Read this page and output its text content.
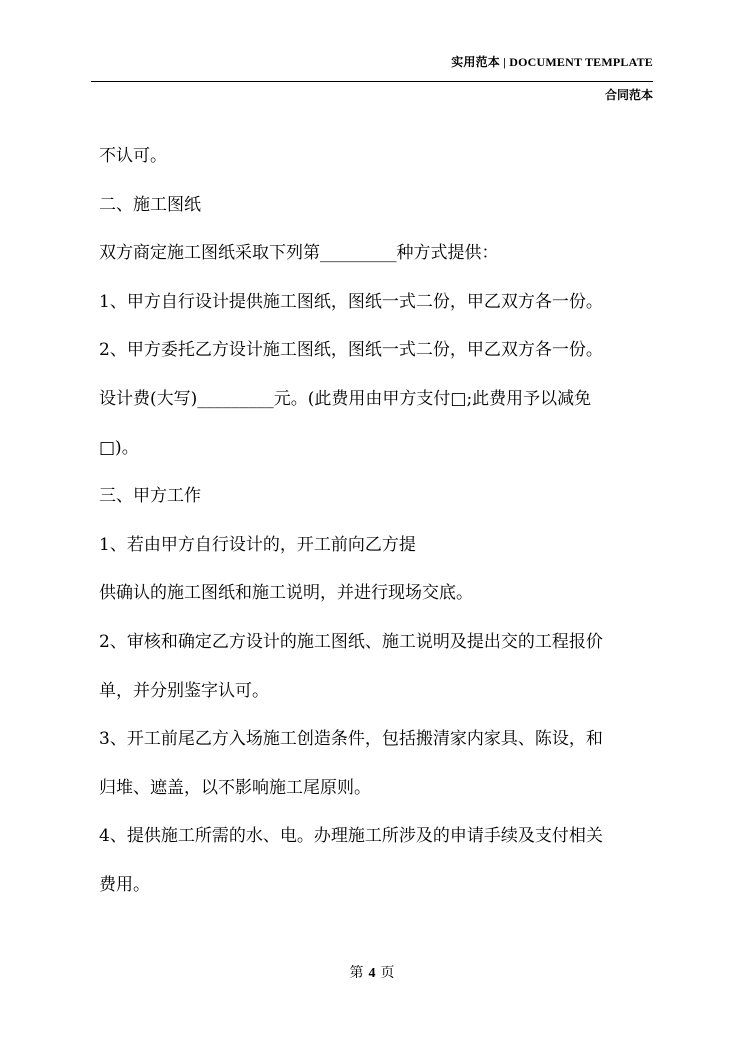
实用范本 | DOCUMENT TEMPLATE
合同范本
不认可。
二、施工图纸
双方商定施工图纸采取下列第_________种方式提供：
1、甲方自行设计提供施工图纸，图纸一式二份，甲乙双方各一份。
2、甲方委托乙方设计施工图纸，图纸一式二份，甲乙双方各一份。
设计费(大写)_________元。(此费用由甲方支付□;此费用予以减免
□)。
三、甲方工作
1、若由甲方自行设计的，开工前向乙方提
供确认的施工图纸和施工说明，并进行现场交底。
2、审核和确定乙方设计的施工图纸、施工说明及提出交的工程报价
单，并分别鉴字认可。
3、开工前尾乙方入场施工创造条件，包括搬清家内家具、陈设，和
归堆、遮盖，以不影响施工尾原则。
4、提供施工所需的水、电。办理施工所涉及的申请手续及支付相关
费用。
第 4 页
